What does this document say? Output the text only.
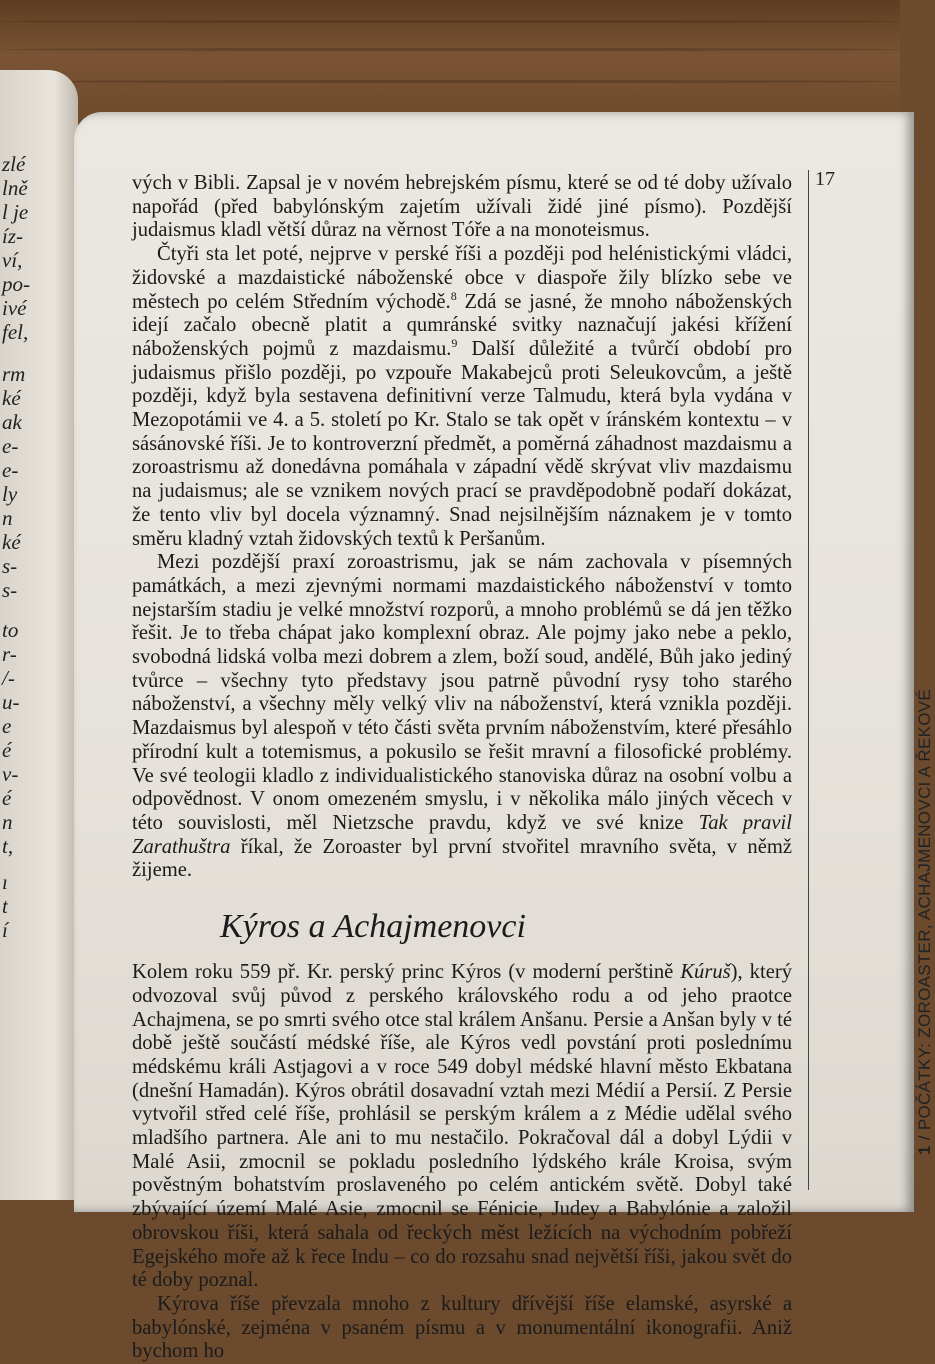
zlé
lně
l je
íz-
ví,
po-
ivé
fel,
rm
ké
ak
e-
e-
ly
n
ké
s-
s-
to
r-
/-
u-
e
é
v-
é
n
t,
ı
t
í
17
1 / POČÁTKY: ZOROASTER, ACHAJMENOVCI A ŘEKOVÉ

vých v Bibli. Zapsal je v novém hebrejském písmu, které se od té doby užívalo napořád (před babylónským zajetím užívali židé jiné písmo). Pozdější judaismus kladl větší důraz na věrnost Tóře a na monoteismus.

Čtyři sta let poté, nejprve v perské říši a později pod helénistickými vládci, židovské a mazdaistické náboženské obce v diaspoře žily blízko sebe ve městech po celém Středním východě.$^8$ Zdá se jasné, že mnoho náboženských idejí začalo obecně platit a qumránské svitky naznačují jakési křížení náboženských pojmů z mazdaismu.$^9$ Další důležité a tvůrčí období pro judaismus přišlo později, po vzpouře Makabejců proti Seleukovcům, a ještě později, když byla sestavena definitivní verze Talmudu, která byla vydána v Mezopotámii ve 4. a 5. století po Kr. Stalo se tak opět v íránském kontextu – v sásánovské říši. Je to kontroverzní předmět, a poměrná záhadnost mazdaismu a zoroastrismu až donedávna pomáhala v západní vědě skrývat vliv mazdaismu na judaismus; ale se vznikem nových prací se pravděpodobně podaří dokázat, že tento vliv byl docela významný. Snad nejsilnějším náznakem je v tomto směru kladný vztah židovských textů k Peršanům.

Mezi pozdější praxí zoroastrismu, jak se nám zachovala v písemných památkách, a mezi zjevnými normami mazdaistického náboženství v tomto nejstarším stadiu je velké množství rozporů, a mnoho problémů se dá jen těžko řešit. Je to třeba chápat jako komplexní obraz. Ale pojmy jako nebe a peklo, svobodná lidská volba mezi dobrem a zlem, boží soud, andělé, Bůh jako jediný tvůrce – všechny tyto představy jsou patrně původní rysy toho starého náboženství, a všechny měly velký vliv na náboženství, která vznikla později. Mazdaismus byl alespoň v této části světa prvním náboženstvím, které přesáhlo přírodní kult a totemismus, a pokusilo se řešit mravní a filosofické problémy. Ve své teologii kladlo z individualistického stanoviska důraz na osobní volbu a odpovědnost. V onom omezeném smyslu, i v několika málo jiných věcech v této souvislosti, měl Nietzsche pravdu, když ve své knize Tak pravil Zarathuštra říkal, že Zoroaster byl první stvořitel mravního světa, v němž žijeme.

Kýros a Achajmenovci

Kolem roku 559 př. Kr. perský princ Kýros (v moderní perštině Kúruš), který odvozoval svůj původ z perského královského rodu a od jeho praotce Achajmena, se po smrti svého otce stal králem Anšanu. Persie a Anšan byly v té době ještě součástí médské říše, ale Kýros vedl povstání proti poslednímu médskému králi Astjagovi a v roce 549 dobyl médské hlavní město Ekbatana (dnešní Hamadán). Kýros obrátil dosavadní vztah mezi Médií a Persií. Z Persie vytvořil střed celé říše, prohlásil se perským králem a z Médie udělal svého mladšího partnera. Ale ani to mu nestačilo. Pokračoval dál a dobyl Lýdii v Malé Asii, zmocnil se pokladu posledního lýdského krále Kroisa, svým pověstným bohatstvím proslaveného po celém antickém světě. Dobyl také zbývající území Malé Asie, zmocnil se Fénicie, Judey a Babylónie a založil obrovskou říši, která sahala od řeckých měst ležících na východním pobřeží Egejského moře až k řece Indu – co do rozsahu snad největší říši, jakou svět do té doby poznal.

Kýrova říše převzala mnoho z kultury dřívější říše elamské, asyrské a babylónské, zejména v psaném písmu a v monumentální ikonografii. Aniž bychom ho
